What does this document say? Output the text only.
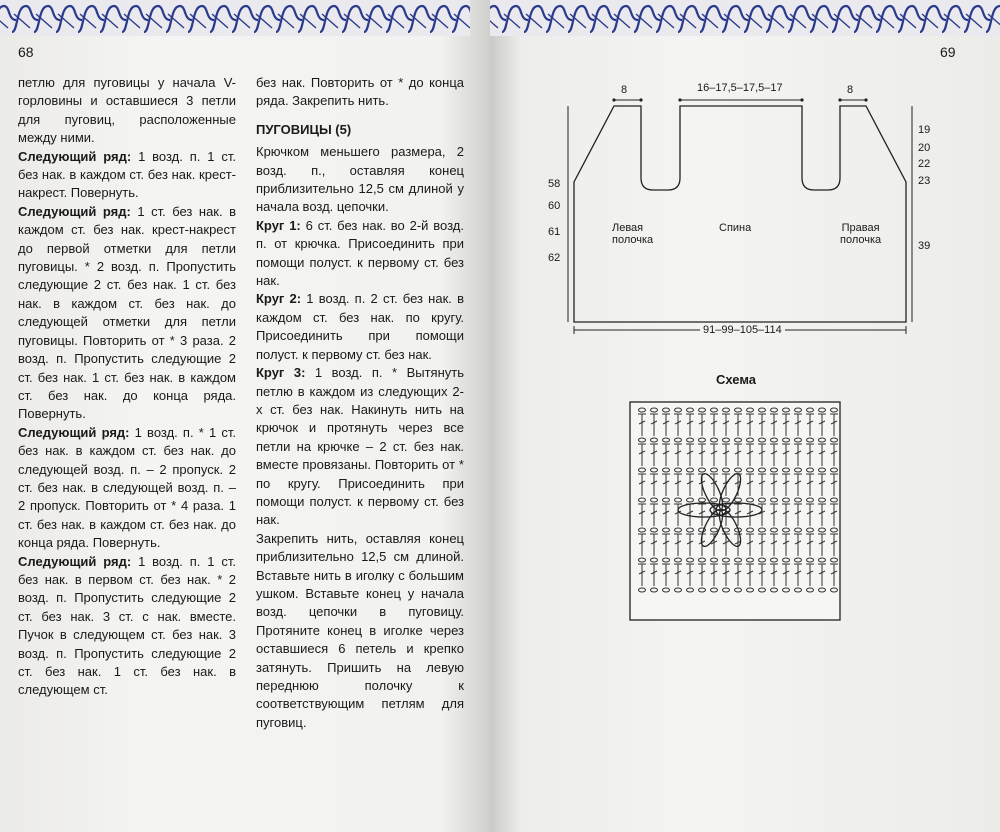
68

петлю для пуговицы у начала V-горловины и оставшиеся 3 петли для пуговиц, расположенные между ними.

Следующий ряд: 1 возд. п. 1 ст. без нак. в каждом ст. без нак. крест-накрест. Повернуть.

Следующий ряд: 1 ст. без нак. в каждом ст. без нак. крест-накрест до первой отметки для петли пуговицы. * 2 возд. п. Пропустить следующие 2 ст. без нак. 1 ст. без нак. в каждом ст. без нак. до следующей отметки для петли пуговицы. Повторить от * 3 раза. 2 возд. п. Пропустить следующие 2 ст. без нак. 1 ст. без нак. в каждом ст. без нак. до конца ряда. Повернуть.

Следующий ряд: 1 возд. п. * 1 ст. без нак. в каждом ст. без нак. до следующей возд. п. – 2 пропуск. 2 ст. без нак. в следующей возд. п. – 2 пропуск. Повторить от * 4 раза. 1 ст. без нак. в каждом ст. без нак. до конца ряда. Повернуть.

Следующий ряд: 1 возд. п. 1 ст. без нак. в первом ст. без нак. * 2 возд. п. Пропустить следующие 2 ст. без нак. 3 ст. с нак. вместе. Пучок в следующем ст. без нак. 3 возд. п. Пропустить следующие 2 ст. без нак. 1 ст. без нак. в следующем ст.

без нак. Повторить от * до конца ряда. Закрепить нить.

ПУГОВИЦЫ (5)

Крючком меньшего размера, 2 возд. п., оставляя конец приблизительно 12,5 см длиной у начала возд. цепочки.

Круг 1: 6 ст. без нак. во 2-й возд. п. от крючка. Присоединить при помощи полуст. к первому ст. без нак.

Круг 2: 1 возд. п. 2 ст. без нак. в каждом ст. без нак. по кругу. Присоединить при помощи полуст. к первому ст. без нак.

Круг 3: 1 возд. п. * Вытянуть петлю в каждом из следующих 2-х ст. без нак. Накинуть нить на крючок и протянуть через все петли на крючке – 2 ст. без нак. вместе провязаны. Повторить от * по кругу. Присоединить при помощи полуст. к первому ст. без нак.

Закрепить нить, оставляя конец приблизительно 12,5 см длиной. Вставьте нить в иголку с большим ушком. Вставьте конец у начала возд. цепочки в пуговицу. Протяните конец в иголке через оставшиеся 6 петель и крепко затянуть. Пришить на левую переднюю полочку к соответствующим петлям для пуговиц.

69
8	8
16–17,5–17,5–17
58
60
61
62
19
20
22
23
39
Левая
полочка
Спина	Правая
полочка
91–99–105–114
Схема
